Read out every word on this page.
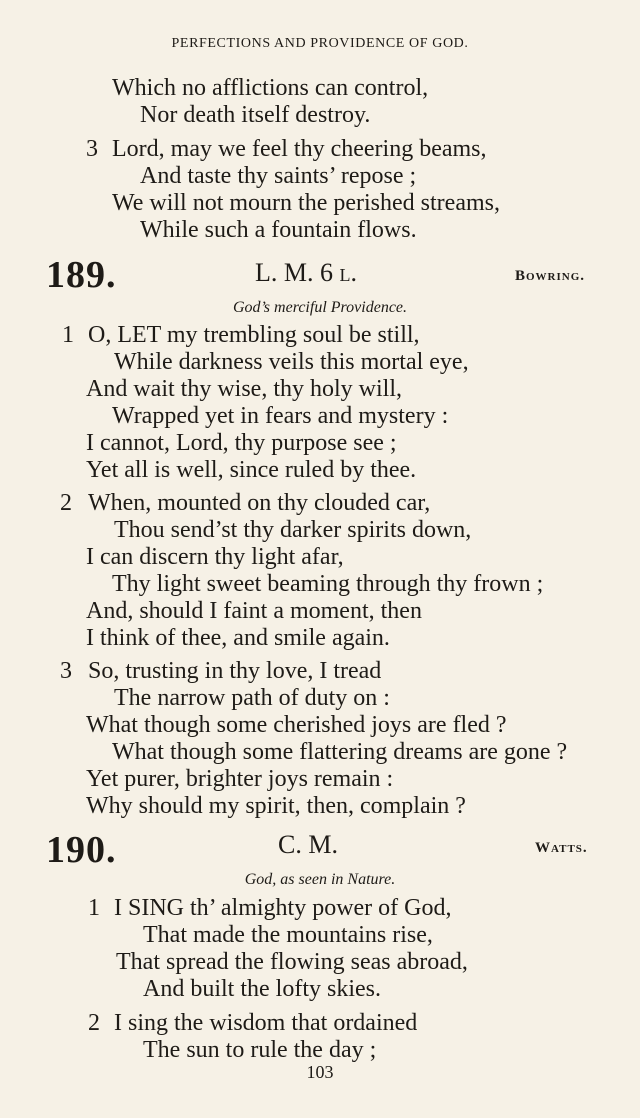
PERFECTIONS AND PROVIDENCE OF GOD.
Which no afflictions can control,
Nor death itself destroy.
3 Lord, may we feel thy cheering beams,
And taste thy saints’ repose ;
We will not mourn the perished streams,
While such a fountain flows.
189.	L. M. 6 l.	Bowring.
God’s merciful Providence.
1 O, LET my trembling soul be still,
While darkness veils this mortal eye,
And wait thy wise, thy holy will,
Wrapped yet in fears and mystery :
I cannot, Lord, thy purpose see ;
Yet all is well, since ruled by thee.
2 When, mounted on thy clouded car,
Thou send’st thy darker spirits down,
I can discern thy light afar,
Thy light sweet beaming through thy frown ;
And, should I faint a moment, then
I think of thee, and smile again.
3 So, trusting in thy love, I tread
The narrow path of duty on :
What though some cherished joys are fled ?
What though some flattering dreams are gone ?
Yet purer, brighter joys remain :
Why should my spirit, then, complain ?
190.	C. M.	Watts.
God, as seen in Nature.
1 I SING th’ almighty power of God,
That made the mountains rise,
That spread the flowing seas abroad,
And built the lofty skies.
2 I sing the wisdom that ordained
The sun to rule the day ;
103
